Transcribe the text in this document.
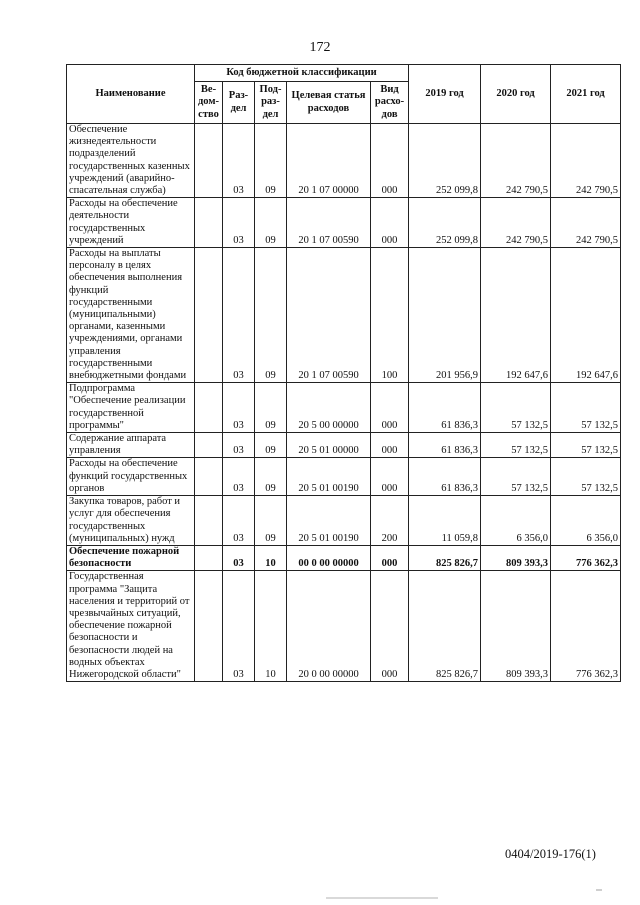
172
Наименование	Код бюджетной классификации					2019 год	2020 год	2021 год
	Ве-дом-ство	Раз-дел	Под-раз-дел	Целевая статья расходов	Вид расхо-дов			
Обеспечение жизнедеятельности подразделений государственных казенных учреждений (аварийно-спасательная служба)		03	09	20 1 07 00000	000	252 099,8	242 790,5	242 790,5
Расходы на обеспечение деятельности государственных учреждений		03	09	20 1 07 00590	000	252 099,8	242 790,5	242 790,5
Расходы на выплаты персоналу в целях обеспечения выполнения функций государственными (муниципальными) органами, казенными учреждениями, органами управления государственными внебюджетными фондами		03	09	20 1 07 00590	100	201 956,9	192 647,6	192 647,6
Подпрограмма "Обеспечение реализации государственной программы"		03	09	20 5 00 00000	000	61 836,3	57 132,5	57 132,5
Содержание аппарата управления		03	09	20 5 01 00000	000	61 836,3	57 132,5	57 132,5
Расходы на обеспечение функций государственных органов		03	09	20 5 01 00190	000	61 836,3	57 132,5	57 132,5
Закупка товаров, работ и услуг для обеспечения государственных (муниципальных) нужд		03	09	20 5 01 00190	200	11 059,8	6 356,0	6 356,0
Обеспечение пожарной безопасности		03	10	00 0 00 00000	000	825 826,7	809 393,3	776 362,3
Государственная программа "Защита населения и территорий от чрезвычайных ситуаций, обеспечение пожарной безопасности и безопасности людей на водных объектах Нижегородской области"		03	10	20 0 00 00000	000	825 826,7	809 393,3	776 362,3
0404/2019-176(1)
